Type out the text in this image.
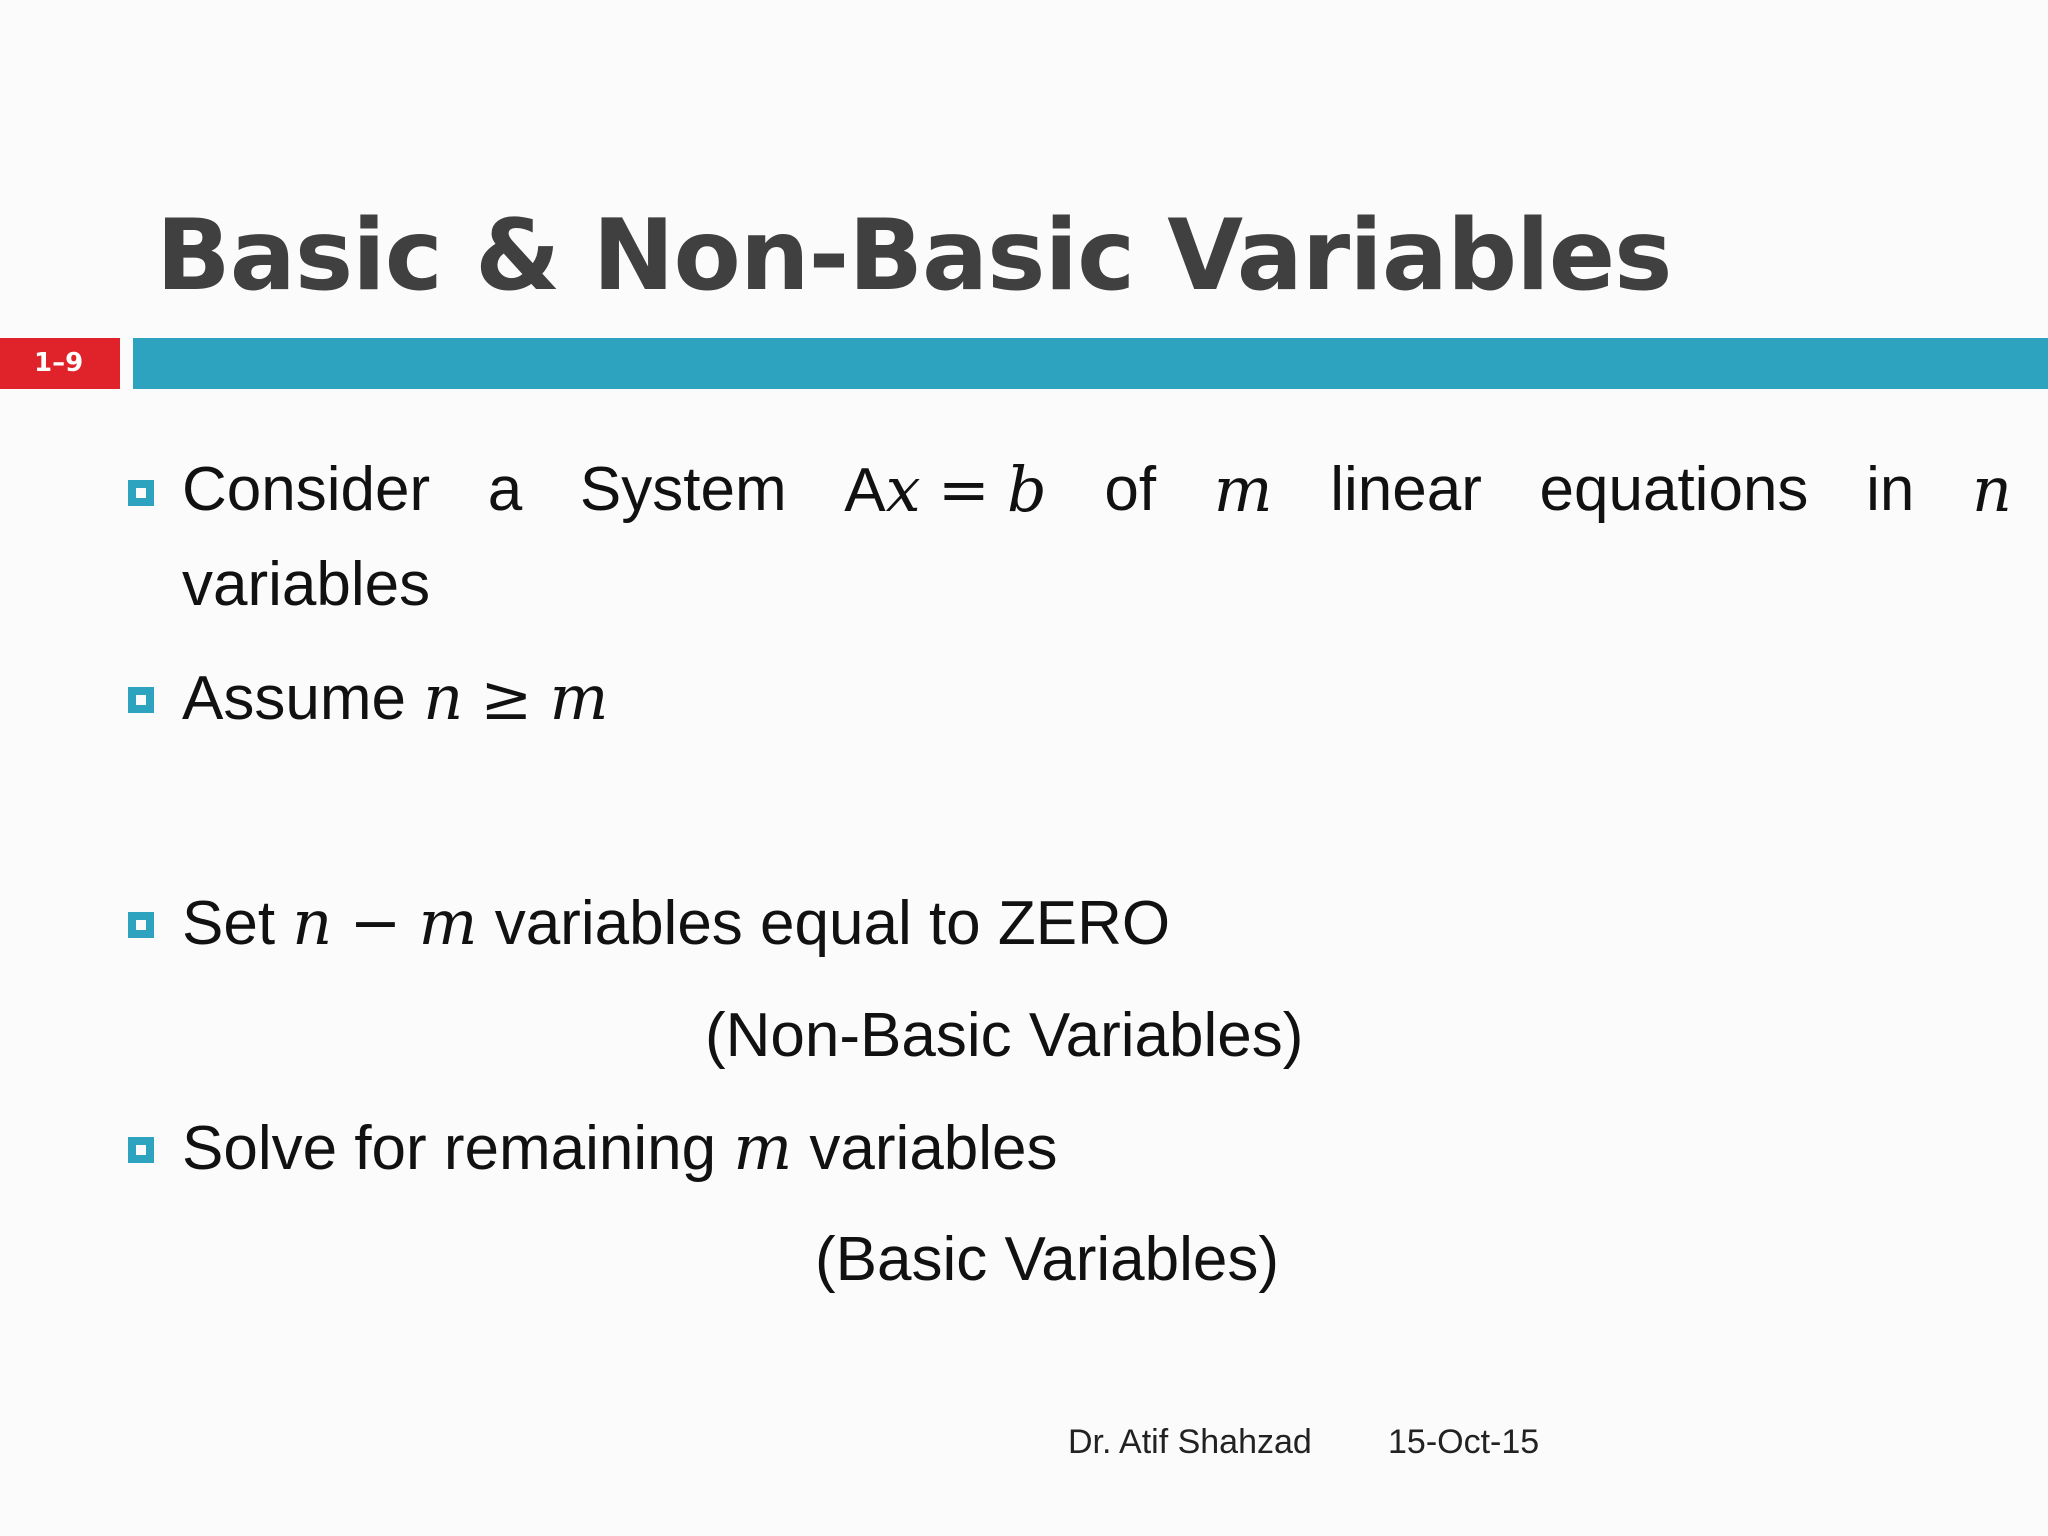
Basic & Non-Basic Variables
1–9
Consider a System Ax = b of m linear equations in n
variables
Assume n ≥ m
Set n − m variables equal to ZERO
(Non-Basic Variables)
Solve for remaining m variables
(Basic Variables)
Dr. Atif Shahzad 15-Oct-15
